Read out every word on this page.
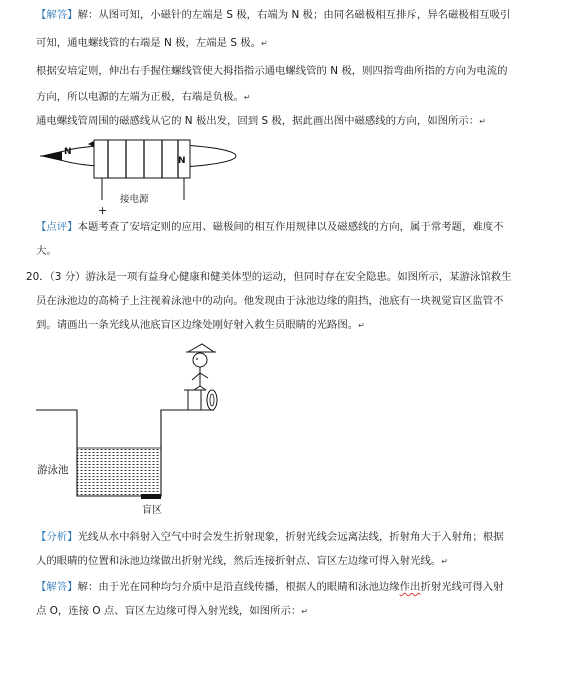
【解答】解：从图可知，小磁针的左端是 S 极，右端为 N 极；由同名磁极相互排斥，异名磁极相互吸引
可知，通电螺线管的右端是 N 极，左端是 S 极。↵
根据安培定则，伸出右手握住螺线管使大拇指指示通电螺线管的 N 极，则四指弯曲所指的方向为电流的
方向，所以电源的左端为正极，右端是负极。↵
通电螺线管周围的磁感线从它的 N 极出发，回到 S 极，据此画出图中磁感线的方向，如图所示：↵
N
N
+
接电源
【点评】本题考查了安培定则的应用、磁极间的相互作用规律以及磁感线的方向，属于常考题，难度不
大。
20．（3 分）游泳是一项有益身心健康和健美体型的运动，但同时存在安全隐患。如图所示，某游泳馆救生
员在泳池边的高椅子上注视着泳池中的动向。他发现由于泳池边缘的阻挡，池底有一块视觉盲区监管不
到。请画出一条光线从池底盲区边缘处刚好射入救生员眼睛的光路图。↵
游泳池
盲区
【分析】光线从水中斜射入空气中时会发生折射现象，折射光线会远离法线，折射角大于入射角；根据
人的眼睛的位置和泳池边缘做出折射光线，然后连接折射点、盲区左边缘可得入射光线。↵
【解答】解：由于光在同种均匀介质中是沿直线传播，根据人的眼睛和泳池边缘作出折射光线可得入射
点 O，连接 O 点、盲区左边缘可得入射光线，如图所示：↵
